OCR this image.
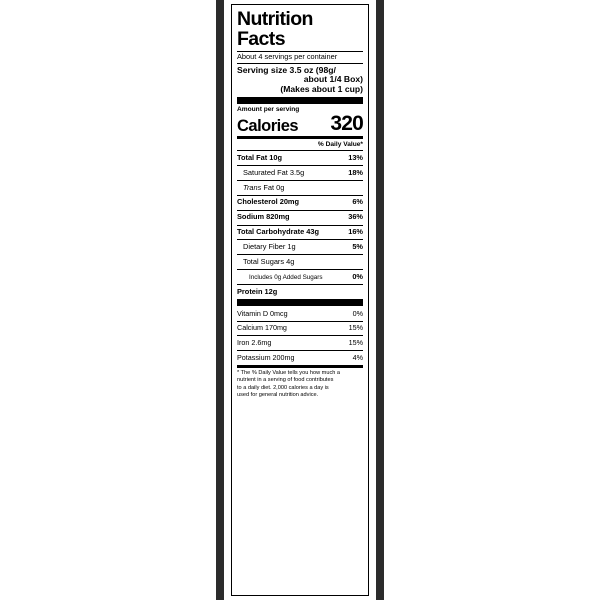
Nutrition Facts
About 4 servings per container
Serving size 3.5 oz (98g/
about 1/4 Box)
(Makes about 1 cup)
Amount per serving
Calories 320
% Daily Value*
Total Fat 10g	13%
Saturated Fat 3.5g	18%
Trans Fat 0g
Cholesterol 20mg	6%
Sodium 820mg	36%
Total Carbohydrate 43g	16%
Dietary Fiber 1g	5%
Total Sugars 4g
Includes 0g Added Sugars	0%
Protein 12g
Vitamin D 0mcg	0%
Calcium 170mg	15%
Iron 2.6mg	15%
Potassium 200mg	4%

* The % Daily Value tells you how much a

nutrient in a serving of food contributes

to a daily diet. 2,000 calories a day is

used for general nutrition advice.
